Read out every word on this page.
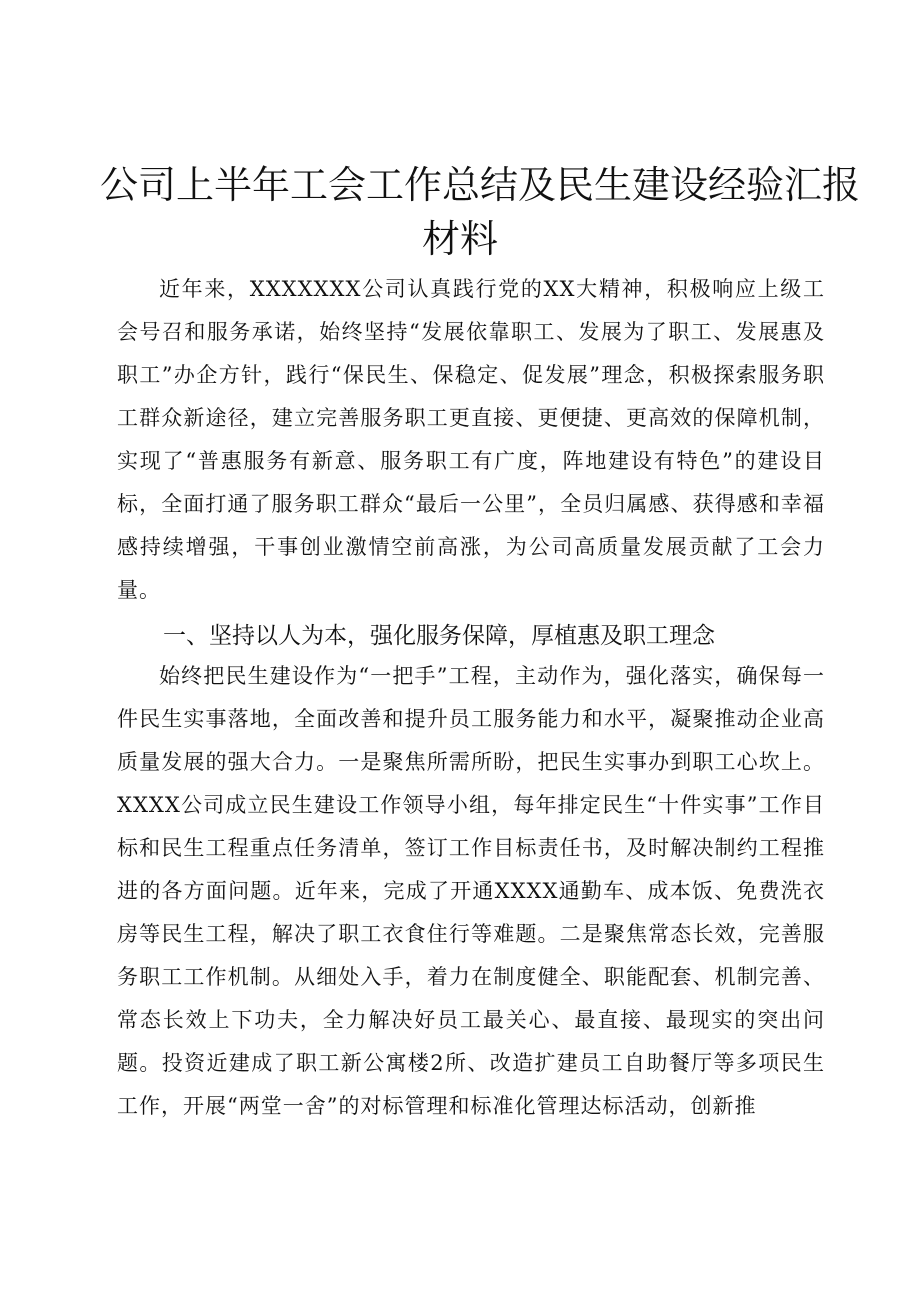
公司上半年工会工作总结及民生建设经验汇报
材料

近年来，XXXXXXX公司认真践行党的XX大精神，积极响应上级工会号召和服务承诺，始终坚持“发展依靠职工、发展为了职工、发展惠及职工”办企方针，践行“保民生、保稳定、促发展”理念，积极探索服务职工群众新途径，建立完善服务职工更直接、更便捷、更高效的保障机制，实现了“普惠服务有新意、服务职工有广度，阵地建设有特色”的建设目标，全面打通了服务职工群众“最后一公里”，全员归属感、获得感和幸福感持续增强，干事创业激情空前高涨，为公司高质量发展贡献了工会力量。

一、坚持以人为本，强化服务保障，厚植惠及职工理念

始终把民生建设作为“一把手”工程，主动作为，强化落实，确保每一件民生实事落地，全面改善和提升员工服务能力和水平，凝聚推动企业高质量发展的强大合力。一是聚焦所需所盼，把民生实事办到职工心坎上。XXXX公司成立民生建设工作领导小组，每年排定民生“十件实事”工作目标和民生工程重点任务清单，签订工作目标责任书，及时解决制约工程推进的各方面问题。近年来，完成了开通XXXX通勤车、成本饭、免费洗衣房等民生工程，解决了职工衣食住行等难题。二是聚焦常态长效，完善服务职工工作机制。从细处入手，着力在制度健全、职能配套、机制完善、常态长效上下功夫，全力解决好员工最关心、最直接、最现实的突出问题。投资近建成了职工新公寓楼2所、改造扩建员工自助餐厅等多项民生工作，开展“两堂一舍”的对标管理和标准化管理达标活动，创新推
